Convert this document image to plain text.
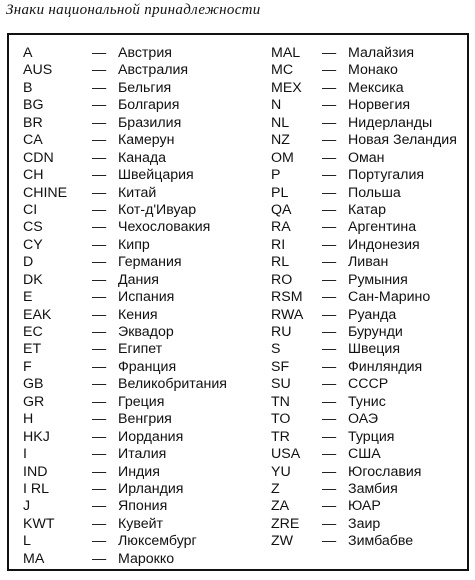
Знаки национальной принадлежности
A	— Австрия
AUS	— Австралия
B	— Бельгия
BG	— Болгария
BR	— Бразилия
CA	— Камерун
CDN	— Канада
CH	— Швейцария
CHINE — Китай
CI	— Кот-д'Ивуар
CS	— Чехословакия
CY	— Кипр
D	— Германия
DK	— Дания
E	— Испания
EAK	— Кения
EC	— Эквадор
ET	— Египет
F	— Франция
GB	— Великобритания
GR	— Греция
H	— Венгрия
HKJ	— Иордания
I	— Италия
IND	— Индия
I RL	— Ирландия
J	— Япония
KWT	— Кувейт
L	— Люксембург
MA	— Марокко
MAL — Малайзия
MC — Монако
MEX — Мексика
N	— Норвегия
NL — Нидерланды
NZ — Новая Зеландия
OM — Оман
P	— Португалия
PL — Польша
QA — Катар
RA — Аргентина
RI	— Индонезия
RL — Ливан
RO — Румыния
RSM — Сан-Марино
RWA — Руанда
RU — Бурунди
S	— Швеция
SF — Финляндия
SU — СССР
TN — Тунис
TO — ОАЭ
TR — Турция
USA — США
YU — Югославия
Z	— Замбия
ZA — ЮАР
ZRE — Заир
ZW — Зимбабве
